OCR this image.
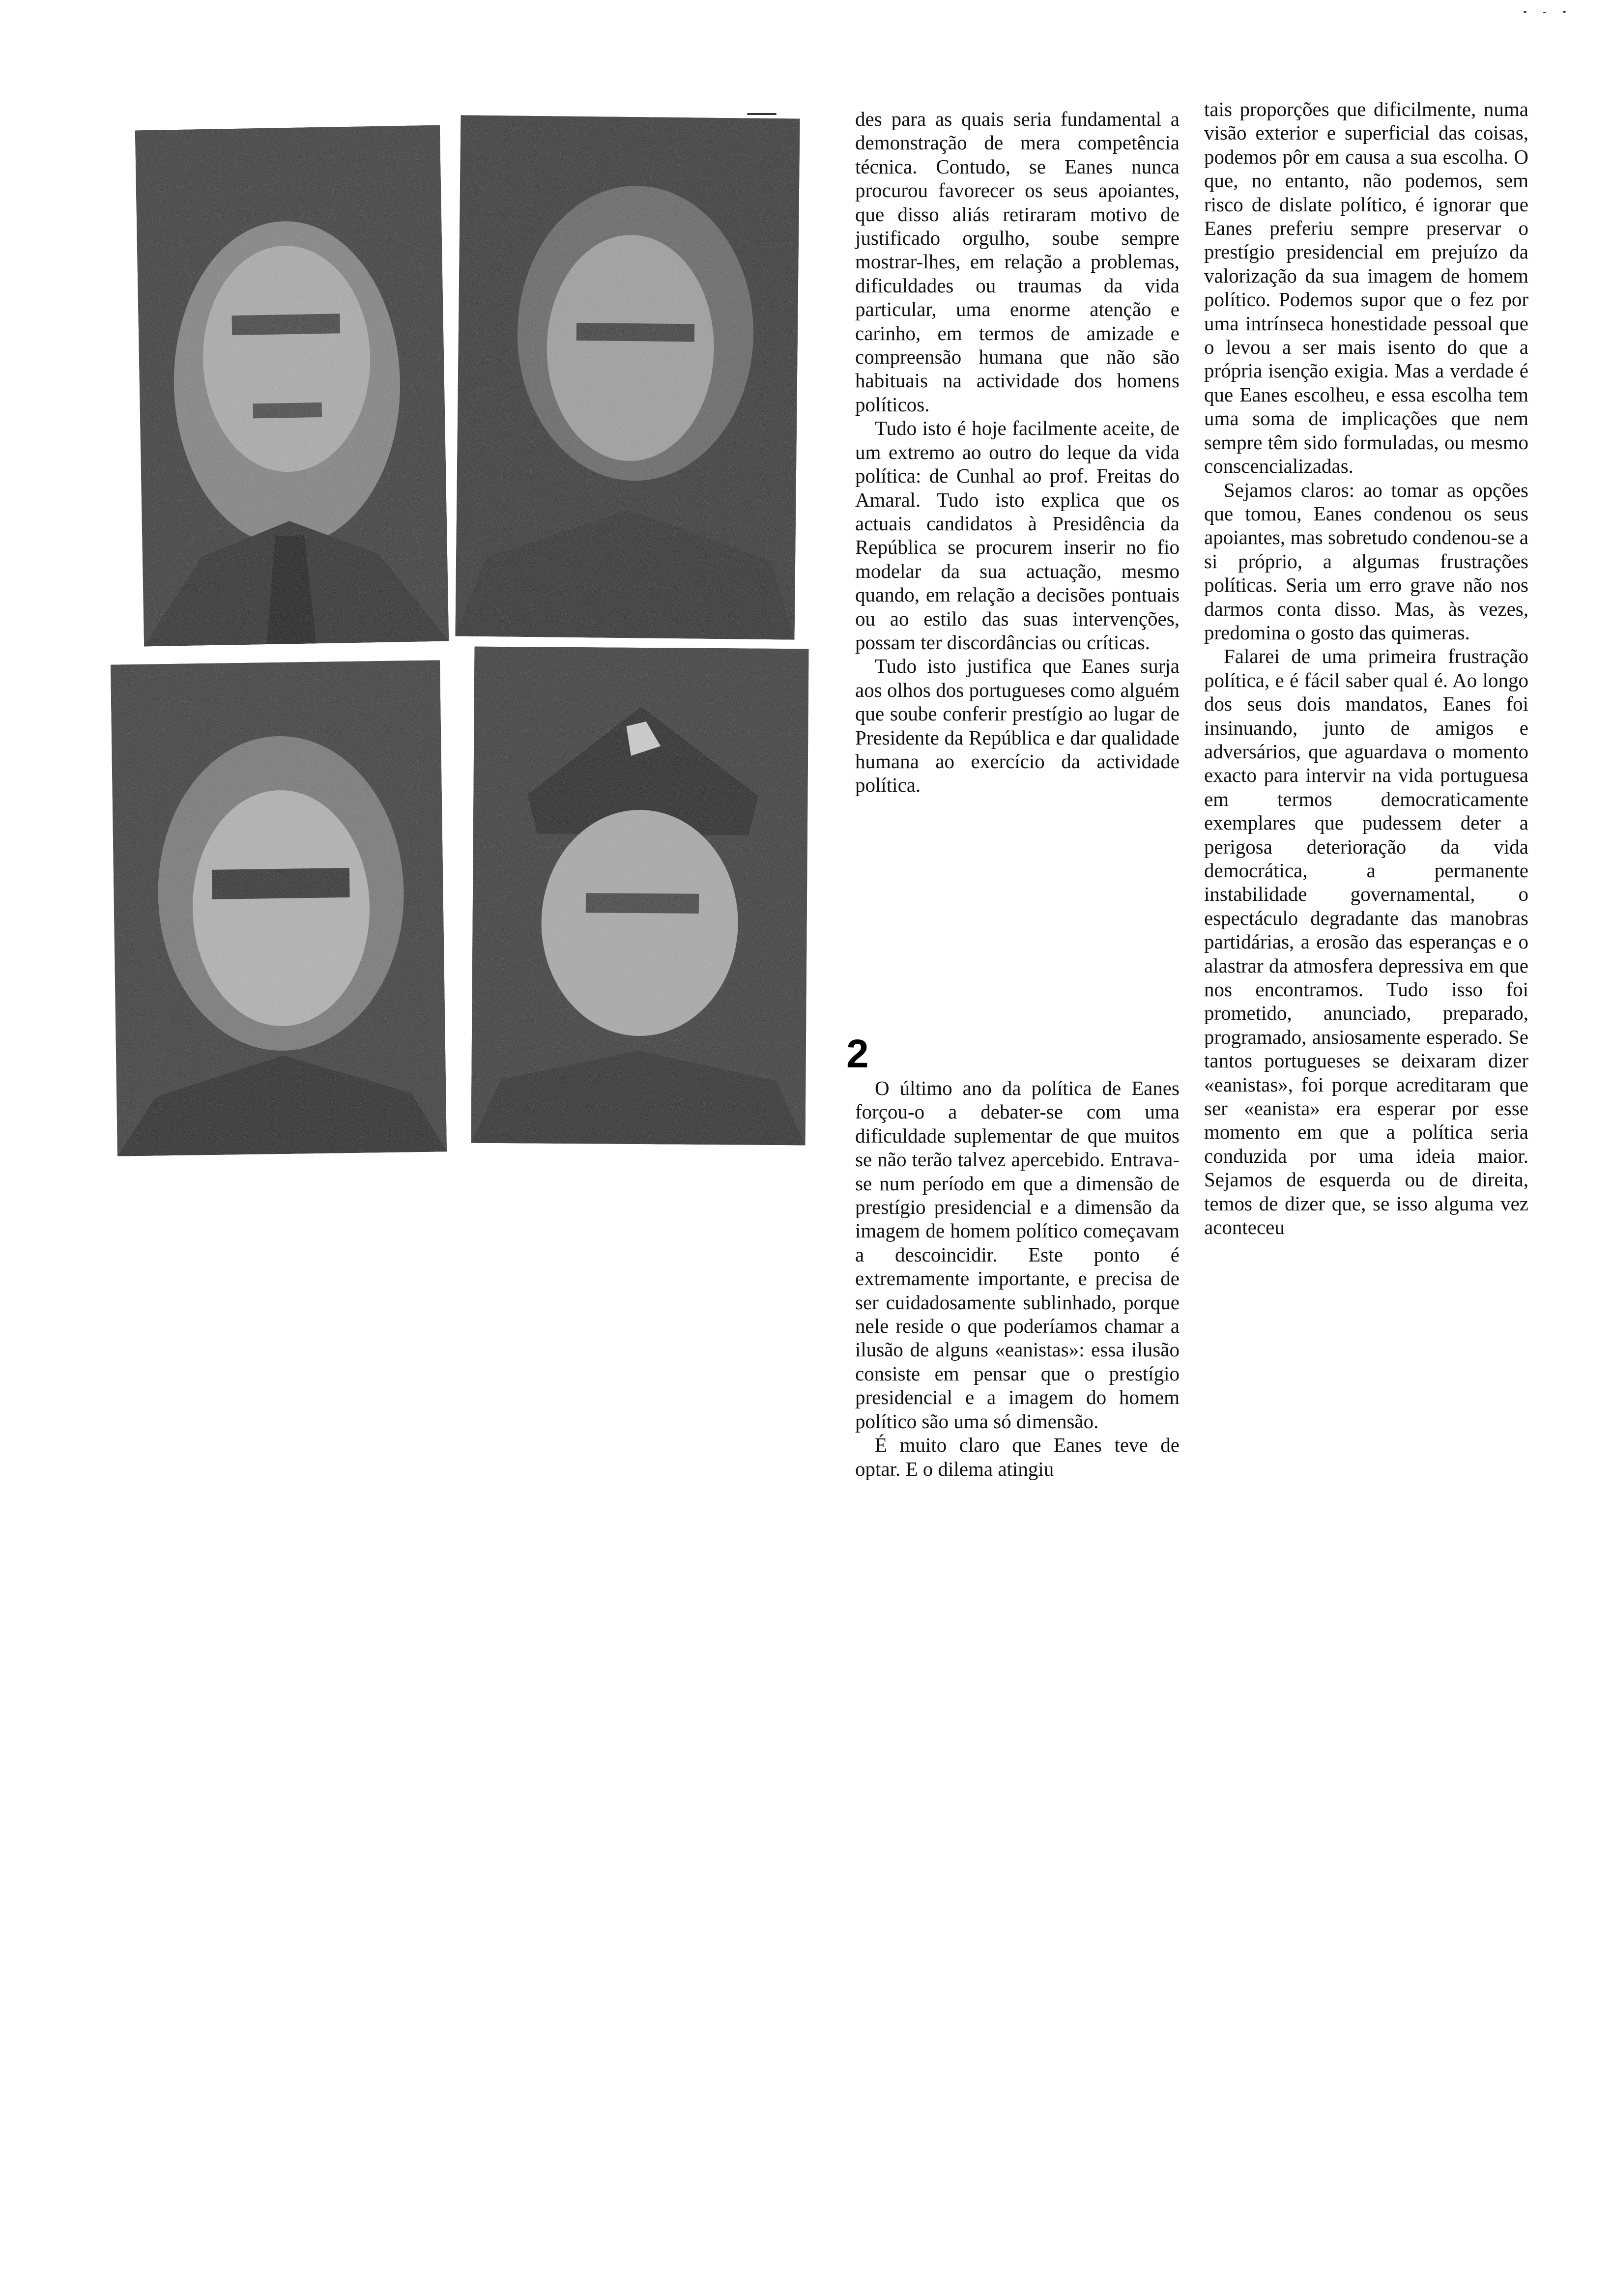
des para as quais seria fundamental a demonstração de mera competência técnica. Contudo, se Eanes nunca procurou favorecer os seus apoiantes, que disso aliás retiraram motivo de justificado orgulho, soube sempre mostrar-lhes, em relação a problemas, dificuldades ou traumas da vida particular, uma enorme atenção e carinho, em termos de amizade e compreensão humana que não são habituais na actividade dos homens políticos.

Tudo isto é hoje facilmente aceite, de um extremo ao outro do leque da vida política: de Cunhal ao prof. Freitas do Amaral. Tudo isto explica que os actuais candidatos à Presidência da República se procurem inserir no fio modelar da sua actuação, mesmo quando, em relação a decisões pontuais ou ao estilo das suas intervenções, possam ter discordâncias ou críticas.

Tudo isto justifica que Eanes surja aos olhos dos portugueses como alguém que soube conferir prestígio ao lugar de Presidente da República e dar qualidade humana ao exercício da actividade política.

2

O último ano da política de Eanes forçou-o a debater-se com uma dificuldade suplementar de que muitos se não terão talvez apercebido. Entrava-se num período em que a dimensão de prestígio presidencial e a dimensão da imagem de homem político começavam a descoincidir. Este ponto é extremamente importante, e precisa de ser cuidadosamente sublinhado, porque nele reside o que poderíamos chamar a ilusão de alguns «eanistas»: essa ilusão consiste em pensar que o prestígio presidencial e a imagem do homem político são uma só dimensão.

É muito claro que Eanes teve de optar. E o dilema atingiu

tais proporções que dificilmente, numa visão exterior e superficial das coisas, podemos pôr em causa a sua escolha. O que, no entanto, não podemos, sem risco de dislate político, é ignorar que Eanes preferiu sempre preservar o prestígio presidencial em prejuízo da valorização da sua imagem de homem político. Podemos supor que o fez por uma intrínseca honestidade pessoal que o levou a ser mais isento do que a própria isenção exigia. Mas a verdade é que Eanes escolheu, e essa escolha tem uma soma de implicações que nem sempre têm sido formuladas, ou mesmo conscencializadas.

Sejamos claros: ao tomar as opções que tomou, Eanes condenou os seus apoiantes, mas sobretudo condenou-se a si próprio, a algumas frustrações políticas. Seria um erro grave não nos darmos conta disso. Mas, às vezes, predomina o gosto das quimeras.

Falarei de uma primeira frustração política, e é fácil saber qual é. Ao longo dos seus dois mandatos, Eanes foi insinuando, junto de amigos e adversários, que aguardava o momento exacto para intervir na vida portuguesa em termos democraticamente exemplares que pudessem deter a perigosa deterioração da vida democrática, a permanente instabilidade governamental, o espectáculo degradante das manobras partidárias, a erosão das esperanças e o alastrar da atmosfera depressiva em que nos encontramos. Tudo isso foi prometido, anunciado, preparado, programado, ansiosamente esperado. Se tantos portugueses se deixaram dizer «eanistas», foi porque acreditaram que ser «eanista» era esperar por esse momento em que a política seria conduzida por uma ideia maior. Sejamos de esquerda ou de direita, temos de dizer que, se isso alguma vez aconteceu
